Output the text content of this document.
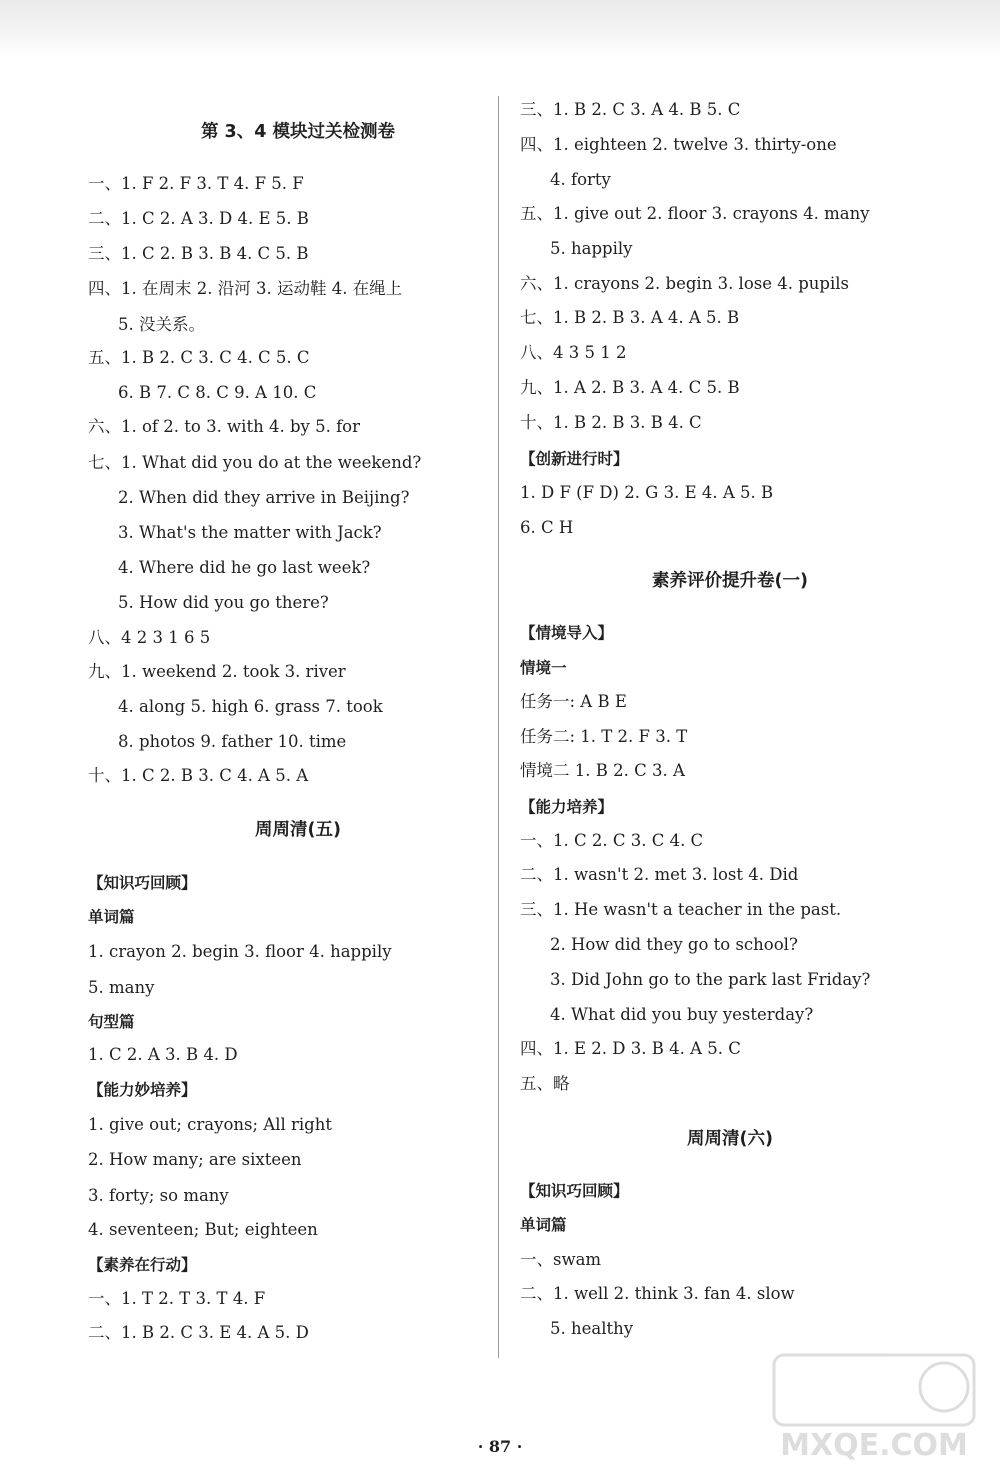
第 3、4 模块过关检测卷
一、1. F 2. F 3. T 4. F 5. F
二、1. C 2. A 3. D 4. E 5. B
三、1. C 2. B 3. B 4. C 5. B
四、1. 在周末 2. 沿河 3. 运动鞋 4. 在绳上
5. 没关系。
五、1. B 2. C 3. C 4. C 5. C
6. B 7. C 8. C 9. A 10. C
六、1. of 2. to 3. with 4. by 5. for
七、1. What did you do at the weekend?
2. When did they arrive in Beijing?
3. What's the matter with Jack?
4. Where did he go last week?
5. How did you go there?
八、4 2 3 1 6 5
九、1. weekend 2. took 3. river
4. along 5. high 6. grass 7. took
8. photos 9. father 10. time
十、1. C 2. B 3. C 4. A 5. A
周周清(五)
【知识巧回顾】
单词篇
1. crayon 2. begin 3. floor 4. happily
5. many
句型篇
1. C 2. A 3. B 4. D
【能力妙培养】
1. give out; crayons; All right
2. How many; are sixteen
3. forty; so many
4. seventeen; But; eighteen
【素养在行动】
一、1. T 2. T 3. T 4. F
二、1. B 2. C 3. E 4. A 5. D
三、1. B 2. C 3. A 4. B 5. C
四、1. eighteen 2. twelve 3. thirty-one
4. forty
五、1. give out 2. floor 3. crayons 4. many
5. happily
六、1. crayons 2. begin 3. lose 4. pupils
七、1. B 2. B 3. A 4. A 5. B
八、4 3 5 1 2
九、1. A 2. B 3. A 4. C 5. B
十、1. B 2. B 3. B 4. C
【创新进行时】
1. D F (F D) 2. G 3. E 4. A 5. B
6. C H
素养评价提升卷(一)
【情境导入】
情境一
任务一: A B E
任务二: 1. T 2. F 3. T
情境二 1. B 2. C 3. A
【能力培养】
一、1. C 2. C 3. C 4. C
二、1. wasn't 2. met 3. lost 4. Did
三、1. He wasn't a teacher in the past.
2. How did they go to school?
3. Did John go to the park last Friday?
4. What did you buy yesterday?
四、1. E 2. D 3. B 4. A 5. C
五、略
周周清(六)
【知识巧回顾】
单词篇
一、swam
二、1. well 2. think 3. fan 4. slow
5. healthy
· 87 ·	MXQE.COM
